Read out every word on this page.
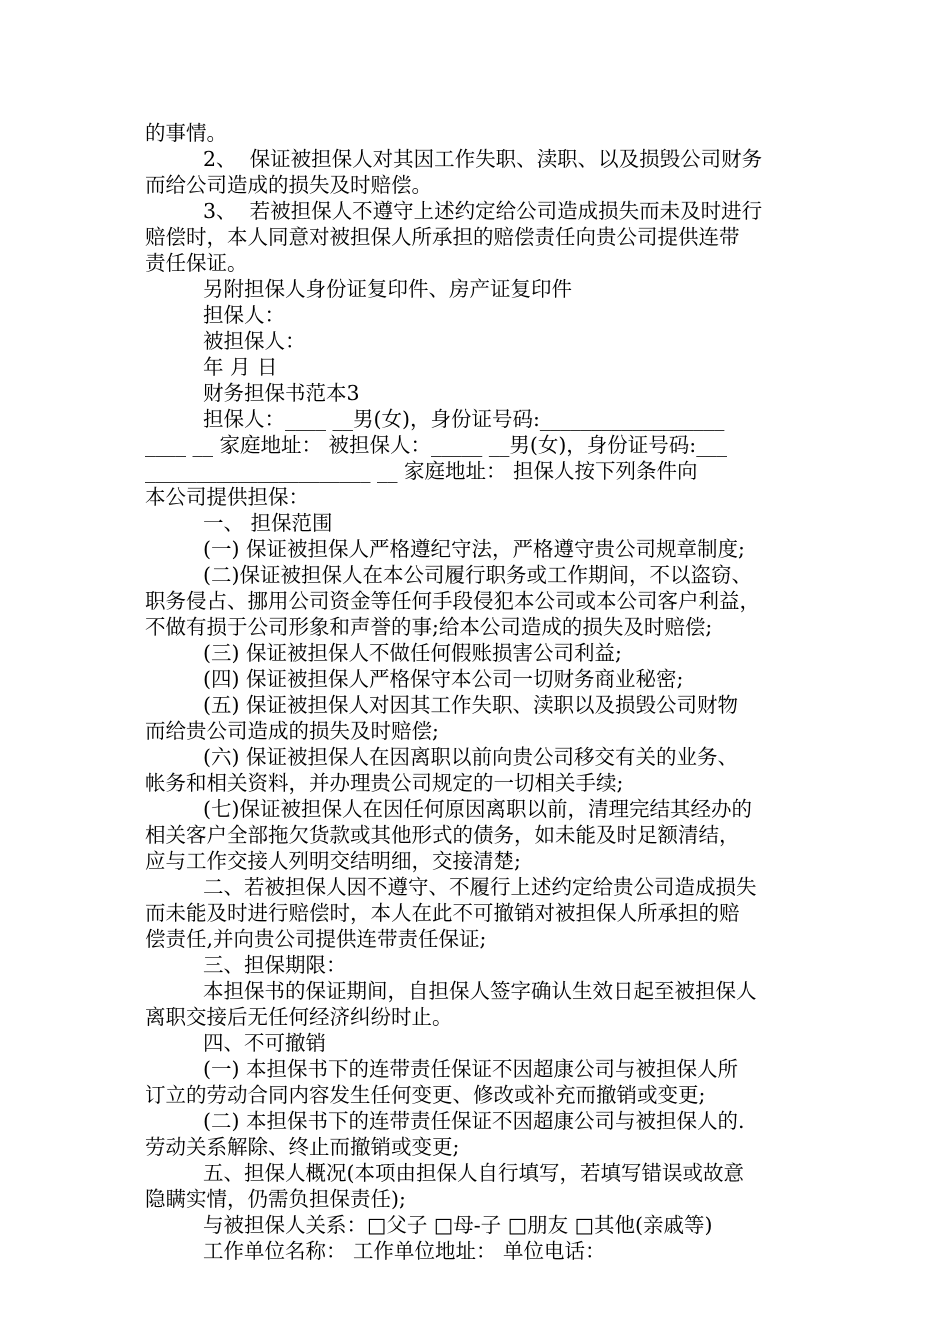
的事情。
2、  保证被担保人对其因工作失职、渎职、以及损毁公司财务
而给公司造成的损失及时赔偿。
3、  若被担保人不遵守上述约定给公司造成损失而未及时进行
赔偿时，本人同意对被担保人所承担的赔偿责任向贵公司提供连带
责任保证。
另附担保人身份证复印件、房产证复印件
担保人：
被担保人：
年 月 日
财务担保书范本3
担保人：____ __男(女)，身份证号码:__________________
____ __ 家庭地址： 被担保人：_____ __男(女)，身份证号码:___
______________________ __ 家庭地址： 担保人按下列条件向
本公司提供担保：
一、 担保范围
(一) 保证被担保人严格遵纪守法，严格遵守贵公司规章制度;
(二)保证被担保人在本公司履行职务或工作期间，不以盗窃、
职务侵占、挪用公司资金等任何手段侵犯本公司或本公司客户利益，
不做有损于公司形象和声誉的事;给本公司造成的损失及时赔偿;
(三) 保证被担保人不做任何假账损害公司利益;
(四) 保证被担保人严格保守本公司一切财务商业秘密;
(五) 保证被担保人对因其工作失职、渎职以及损毁公司财物
而给贵公司造成的损失及时赔偿;
(六) 保证被担保人在因离职以前向贵公司移交有关的业务、
帐务和相关资料，并办理贵公司规定的一切相关手续;
(七)保证被担保人在因任何原因离职以前，清理完结其经办的
相关客户全部拖欠货款或其他形式的债务，如未能及时足额清结，
应与工作交接人列明交结明细，交接清楚;
二、若被担保人因不遵守、不履行上述约定给贵公司造成损失
而未能及时进行赔偿时，本人在此不可撤销对被担保人所承担的赔
偿责任,并向贵公司提供连带责任保证;
三、担保期限：
本担保书的保证期间，自担保人签字确认生效日起至被担保人
离职交接后无任何经济纠纷时止。
四、不可撤销
(一) 本担保书下的连带责任保证不因超康公司与被担保人所
订立的劳动合同内容发生任何变更、修改或补充而撤销或变更;
(二) 本担保书下的连带责任保证不因超康公司与被担保人的.
劳动关系解除、终止而撤销或变更;
五、担保人概况(本项由担保人自行填写，若填写错误或故意
隐瞒实情，仍需负担保责任);
与被担保人关系：□父子 □母-子 □朋友 □其他(亲戚等)
工作单位名称： 工作单位地址： 单位电话：
